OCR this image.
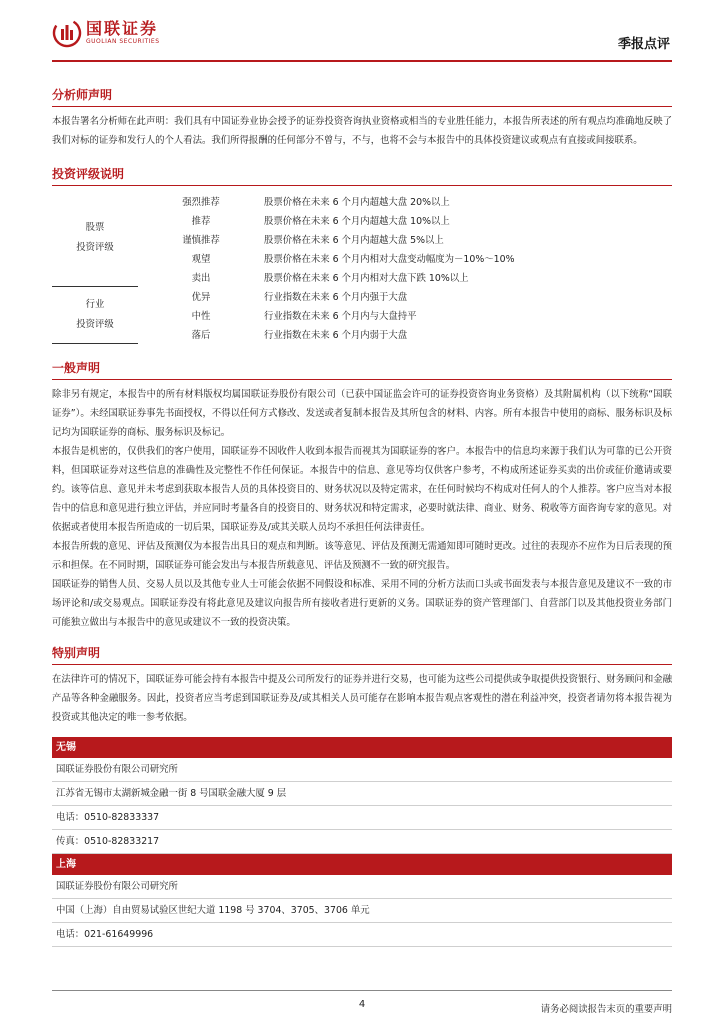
国联证券
GUOLIAN SECURITIES	季报点评
分析师声明

本报告署名分析师在此声明：我们具有中国证券业协会授予的证券投资咨询执业资格或相当的专业胜任能力，本报告所表述的所有观点均准确地反映了我们对标的证券和发行人的个人看法。我们所得报酬的任何部分不曾与，不与，也将不会与本报告中的具体投资建议或观点有直接或间接联系。

投资评级说明
股票
投资评级	强烈推荐	股票价格在未来 6 个月内超越大盘 20%以上
	推荐	股票价格在未来 6 个月内超越大盘 10%以上
	谨慎推荐	股票价格在未来 6 个月内超越大盘 5%以上
	观望	股票价格在未来 6 个月内相对大盘变动幅度为－10%～10%
	卖出	股票价格在未来 6 个月内相对大盘下跌 10%以上

行业
投资评级	优异	行业指数在未来 6 个月内强于大盘
	中性	行业指数在未来 6 个月内与大盘持平
	落后	行业指数在未来 6 个月内弱于大盘
一般声明

除非另有规定，本报告中的所有材料版权均属国联证券股份有限公司（已获中国证监会许可的证券投资咨询业务资格）及其附属机构（以下统称“国联证券”）。未经国联证券事先书面授权，不得以任何方式修改、发送或者复制本报告及其所包含的材料、内容。所有本报告中使用的商标、服务标识及标记均为国联证券的商标、服务标识及标记。

本报告是机密的，仅供我们的客户使用，国联证券不因收件人收到本报告而视其为国联证券的客户。本报告中的信息均来源于我们认为可靠的已公开资料，但国联证券对这些信息的准确性及完整性不作任何保证。本报告中的信息、意见等均仅供客户参考，不构成所述证券买卖的出价或征价邀请或要约。该等信息、意见并未考虑到获取本报告人员的具体投资目的、财务状况以及特定需求，在任何时候均不构成对任何人的个人推荐。客户应当对本报告中的信息和意见进行独立评估，并应同时考量各自的投资目的、财务状况和特定需求，必要时就法律、商业、财务、税收等方面咨询专家的意见。对依据或者使用本报告所造成的一切后果，国联证券及/或其关联人员均不承担任何法律责任。

本报告所载的意见、评估及预测仅为本报告出具日的观点和判断。该等意见、评估及预测无需通知即可随时更改。过往的表现亦不应作为日后表现的预示和担保。在不同时期，国联证券可能会发出与本报告所载意见、评估及预测不一致的研究报告。

国联证券的销售人员、交易人员以及其他专业人士可能会依据不同假设和标准、采用不同的分析方法而口头或书面发表与本报告意见及建议不一致的市场评论和/或交易观点。国联证券没有将此意见及建议向报告所有接收者进行更新的义务。国联证券的资产管理部门、自营部门以及其他投资业务部门可能独立做出与本报告中的意见或建议不一致的投资决策。

特别声明

在法律许可的情况下，国联证券可能会持有本报告中提及公司所发行的证券并进行交易，也可能为这些公司提供或争取提供投资银行、财务顾问和金融产品等各种金融服务。因此，投资者应当考虑到国联证券及/或其相关人员可能存在影响本报告观点客观性的潜在利益冲突，投资者请勿将本报告视为投资或其他决定的唯一参考依据。

无锡
国联证券股份有限公司研究所
江苏省无锡市太湖新城金融一街 8 号国联金融大厦 9 层
电话：0510-82833337
传真：0510-82833217
上海
国联证券股份有限公司研究所
中国（上海）自由贸易试验区世纪大道 1198 号 3704、3705、3706 单元
电话：021-61649996
4	请务必阅读报告末页的重要声明
